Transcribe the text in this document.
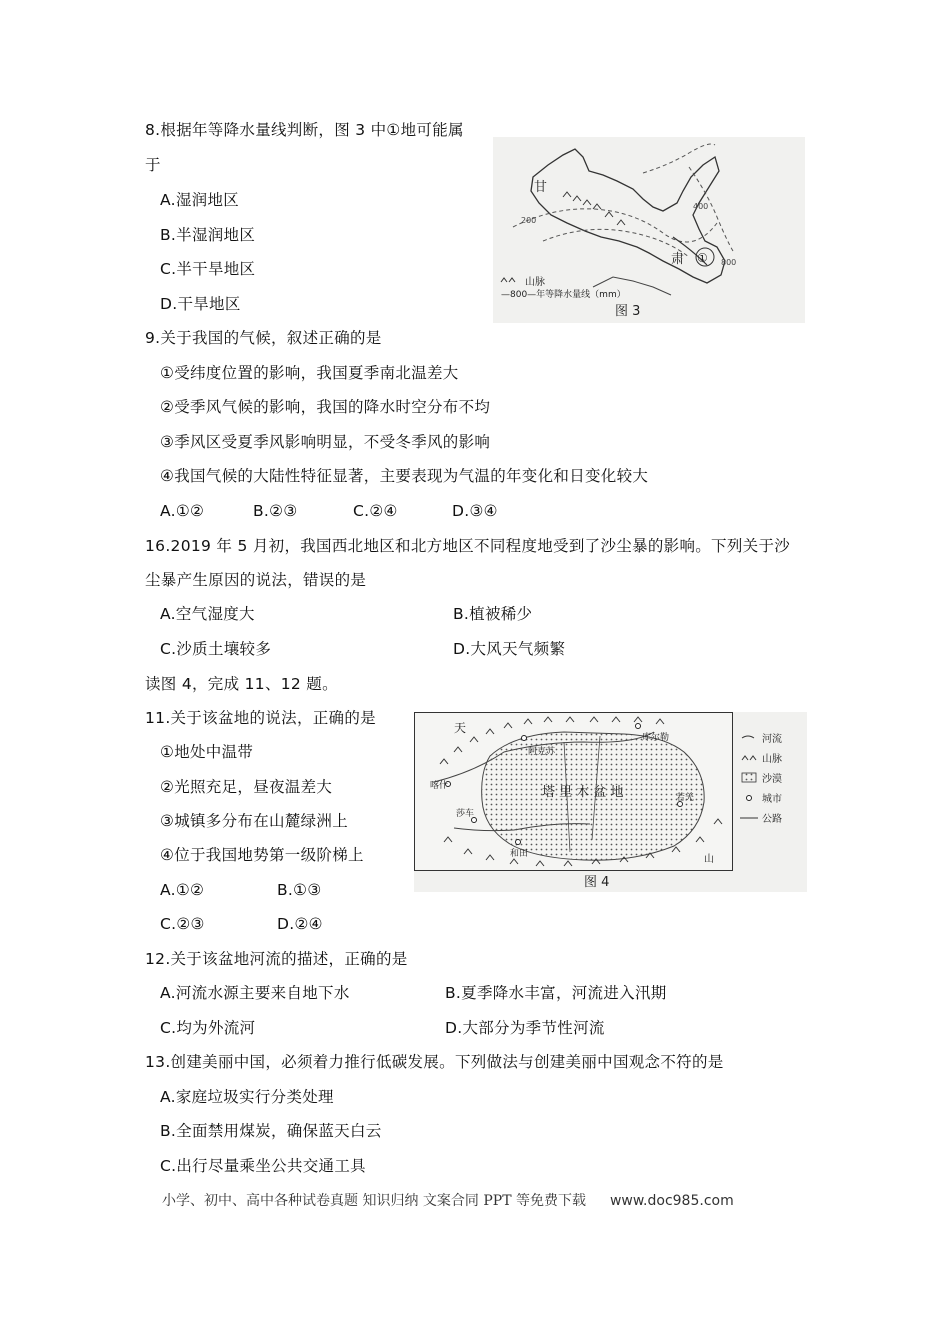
8.根据年等降水量线判断，图 3 中①地可能属
于
A.湿润地区
B.半湿润地区
C.半干旱地区
D.干旱地区
甘
肃 ①
200
400
800
山脉
—800—年等降水量线（mm）
图 3
9.关于我国的气候，叙述正确的是
①受纬度位置的影响，我国夏季南北温差大
②受季风气候的影响，我国的降水时空分布不均
③季风区受夏季风影响明显，不受冬季风的影响
④我国气候的大陆性特征显著，主要表现为气温的年变化和日变化较大
A.①②	B.②③	C.②④	D.③④
16.2019 年 5 月初，我国西北地区和北方地区不同程度地受到了沙尘暴的影响。下列关于沙
尘暴产生原因的说法，错误的是
A.空气湿度大	B.植被稀少
C.沙质土壤较多	D.大风天气频繁
读图 4，完成 11、12 题。
11.关于该盆地的说法，正确的是
①地处中温带
②光照充足，昼夜温差大
③城镇多分布在山麓绿洲上
④位于我国地势第一级阶梯上
A.①②	B.①③
C.②③	D.②④
天
山
阿克苏
库尔勒
喀什
莎车
和田
若羌
塔 里 木 盆 地
河流
山脉
沙漠
城市
公路
图 4
12.关于该盆地河流的描述，正确的是
A.河流水源主要来自地下水	B.夏季降水丰富，河流进入汛期
C.均为外流河	D.大部分为季节性河流
13.创建美丽中国，必须着力推行低碳发展。下列做法与创建美丽中国观念不符的是
A.家庭垃圾实行分类处理
B.全面禁用煤炭，确保蓝天白云
C.出行尽量乘坐公共交通工具
小学、初中、高中各种试卷真题 知识归纳 文案合同 PPT 等免费下载 www.doc985.com
